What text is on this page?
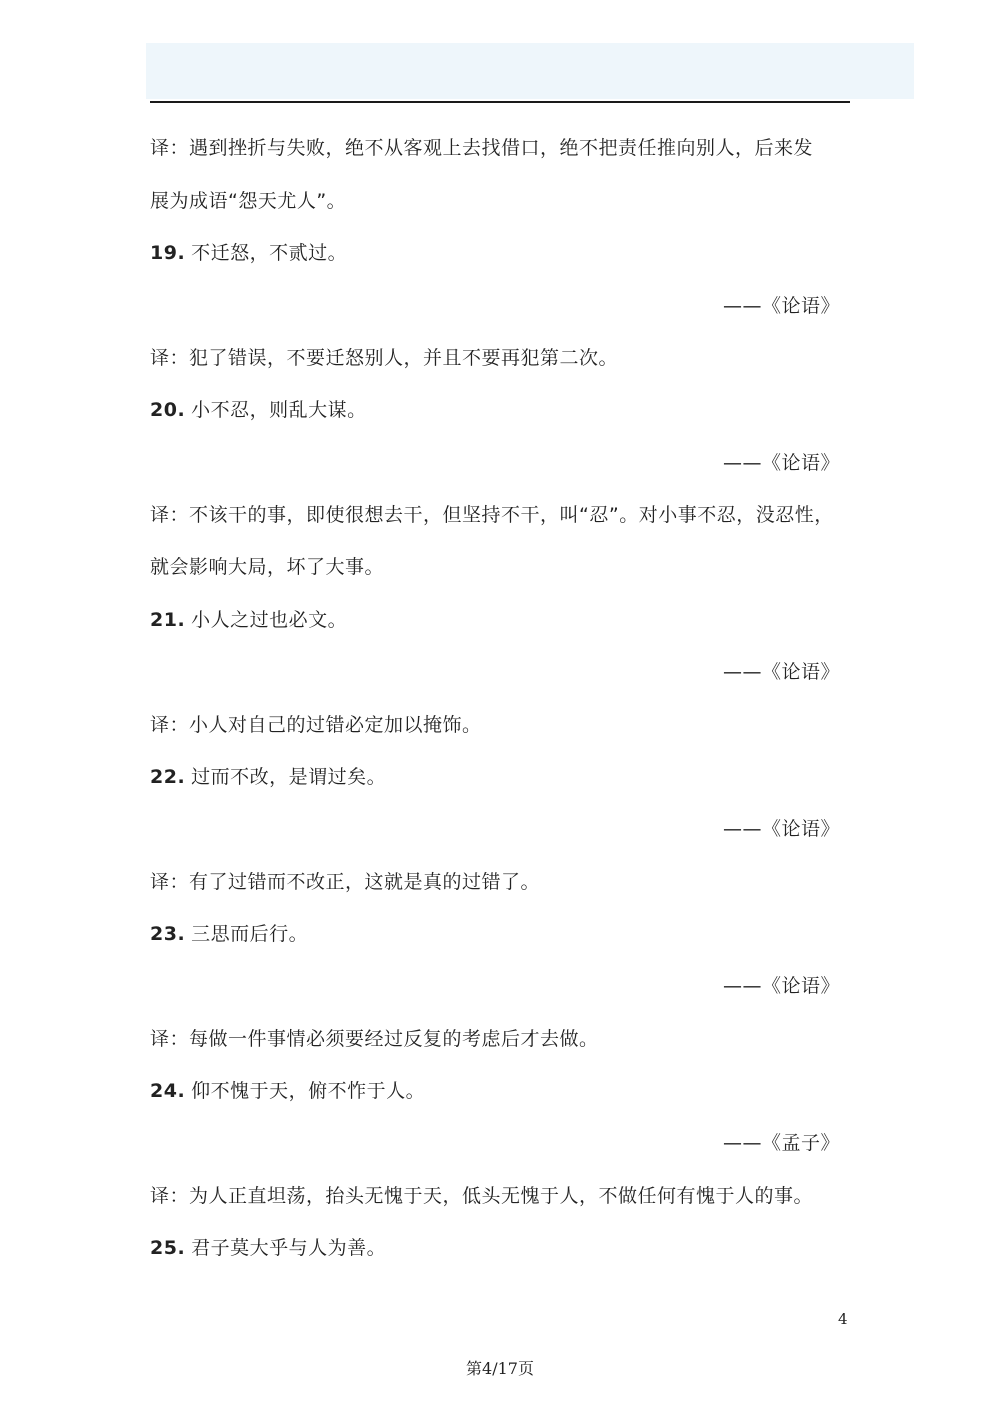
译：遇到挫折与失败，绝不从客观上去找借口，绝不把责任推向别人，后来发
展为成语“怨天尤人”。
19. 不迁怒，不贰过。
——《论语》
译：犯了错误，不要迁怒别人，并且不要再犯第二次。
20. 小不忍，则乱大谋。
——《论语》
译：不该干的事，即使很想去干，但坚持不干，叫“忍”。对小事不忍，没忍性，
就会影响大局，坏了大事。
21. 小人之过也必文。
——《论语》
译：小人对自己的过错必定加以掩饰。
22. 过而不改，是谓过矣。
——《论语》
译：有了过错而不改正，这就是真的过错了。
23. 三思而后行。
——《论语》
译：每做一件事情必须要经过反复的考虑后才去做。
24. 仰不愧于天，俯不怍于人。
——《孟子》
译：为人正直坦荡，抬头无愧于天，低头无愧于人，不做任何有愧于人的事。
25. 君子莫大乎与人为善。
4
第4/17页
